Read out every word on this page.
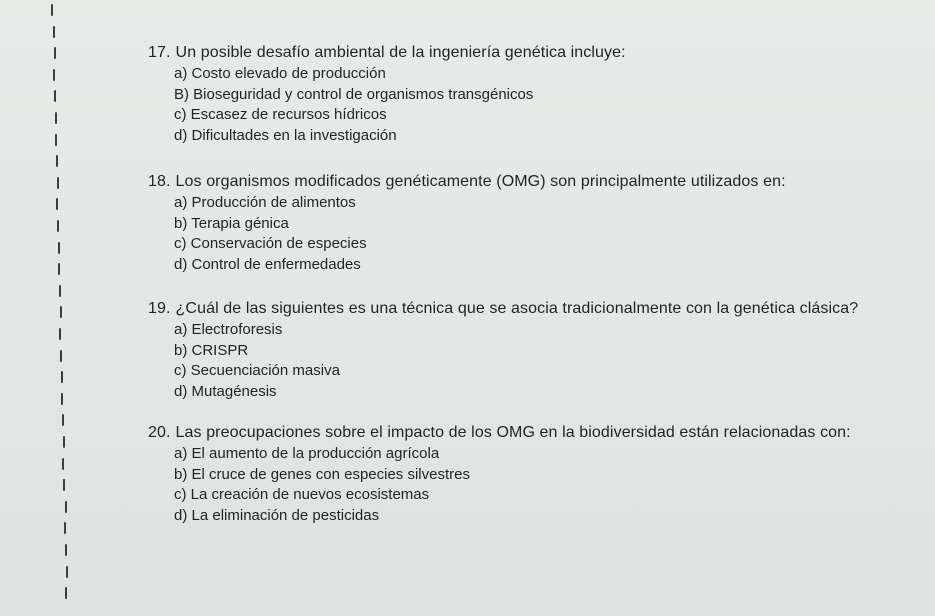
17. Un posible desafío ambiental de la ingeniería genética incluye:
a) Costo elevado de producción
B) Bioseguridad y control de organismos transgénicos
c) Escasez de recursos hídricos
d) Dificultades en la investigación
18. Los organismos modificados genéticamente (OMG) son principalmente utilizados en:
a) Producción de alimentos
b) Terapia génica
c) Conservación de especies
d) Control de enfermedades
19. ¿Cuál de las siguientes es una técnica que se asocia tradicionalmente con la genética clásica?
a) Electroforesis
b) CRISPR
c) Secuenciación masiva
d) Mutagénesis
20. Las preocupaciones sobre el impacto de los OMG en la biodiversidad están relacionadas con:
a) El aumento de la producción agrícola
b) El cruce de genes con especies silvestres
c) La creación de nuevos ecosistemas
d) La eliminación de pesticidas
